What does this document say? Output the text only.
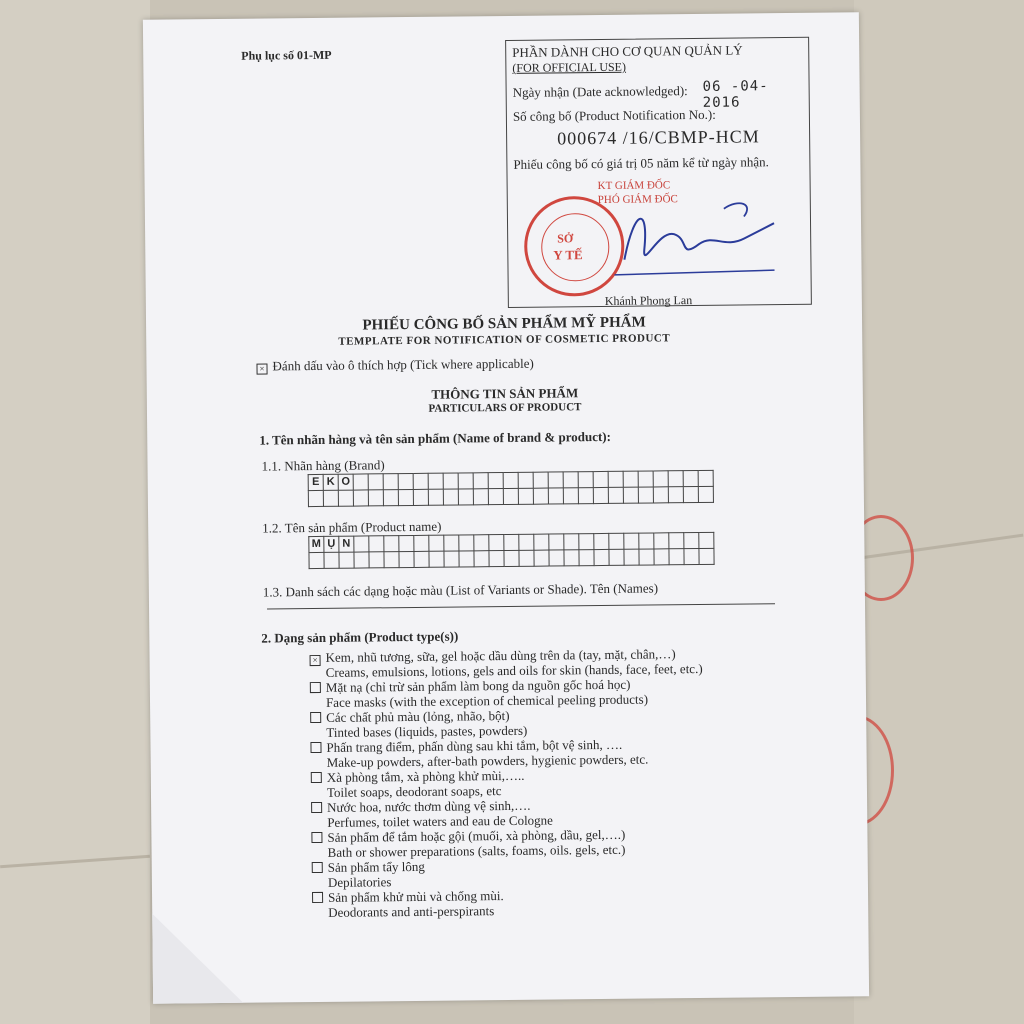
Phụ lục số 01-MP	PHẦN DÀNH CHO CƠ QUAN QUẢN LÝ
(FOR OFFICIAL USE)
Ngày nhận (Date acknowledged): 06 -04- 2016
Số công bố (Product Notification No.):
000674 /16/CBMP-HCM
Phiếu công bố có giá trị 05 năm kể từ ngày nhận.
KT GIÁM ĐỐC
PHÓ GIÁM ĐỐC
SỞ
Y TẾ
Khánh Phong Lan
PHIẾU CÔNG BỐ SẢN PHẨM MỸ PHẨM
TEMPLATE FOR NOTIFICATION OF COSMETIC PRODUCT
× Đánh dấu vào ô thích hợp (Tick where applicable)
THÔNG TIN SẢN PHẨM
PARTICULARS OF PRODUCT
1. Tên nhãn hàng và tên sản phẩm (Name of brand & product):
1.1. Nhãn hàng (Brand)
E	K	O																								

1.2. Tên sản phẩm (Product name)
M	Ụ	N																								

1.3. Danh sách các dạng hoặc màu (List of Variants or Shade). Tên (Names)
2. Dạng sản phẩm (Product type(s))
× Kem, nhũ tương, sữa, gel hoặc dầu dùng trên da (tay, mặt, chân,…)
Creams, emulsions, lotions, gels and oils for skin (hands, face, feet, etc.)
Mặt nạ (chỉ trừ sản phẩm làm bong da nguồn gốc hoá học)
Face masks (with the exception of chemical peeling products)
Các chất phủ màu (lỏng, nhão, bột)
Tinted bases (liquids, pastes, powders)
Phấn trang điểm, phấn dùng sau khi tắm, bột vệ sinh, ….
Make-up powders, after-bath powders, hygienic powders, etc.
Xà phòng tắm, xà phòng khử mùi,…..
Toilet soaps, deodorant soaps, etc
Nước hoa, nước thơm dùng vệ sinh,….
Perfumes, toilet waters and eau de Cologne
Sản phẩm để tắm hoặc gội (muối, xà phòng, dầu, gel,….)
Bath or shower preparations (salts, foams, oils. gels, etc.)
Sản phẩm tẩy lông
Depilatories
Sản phẩm khử mùi và chống mùi.
Deodorants and anti-perspirants
